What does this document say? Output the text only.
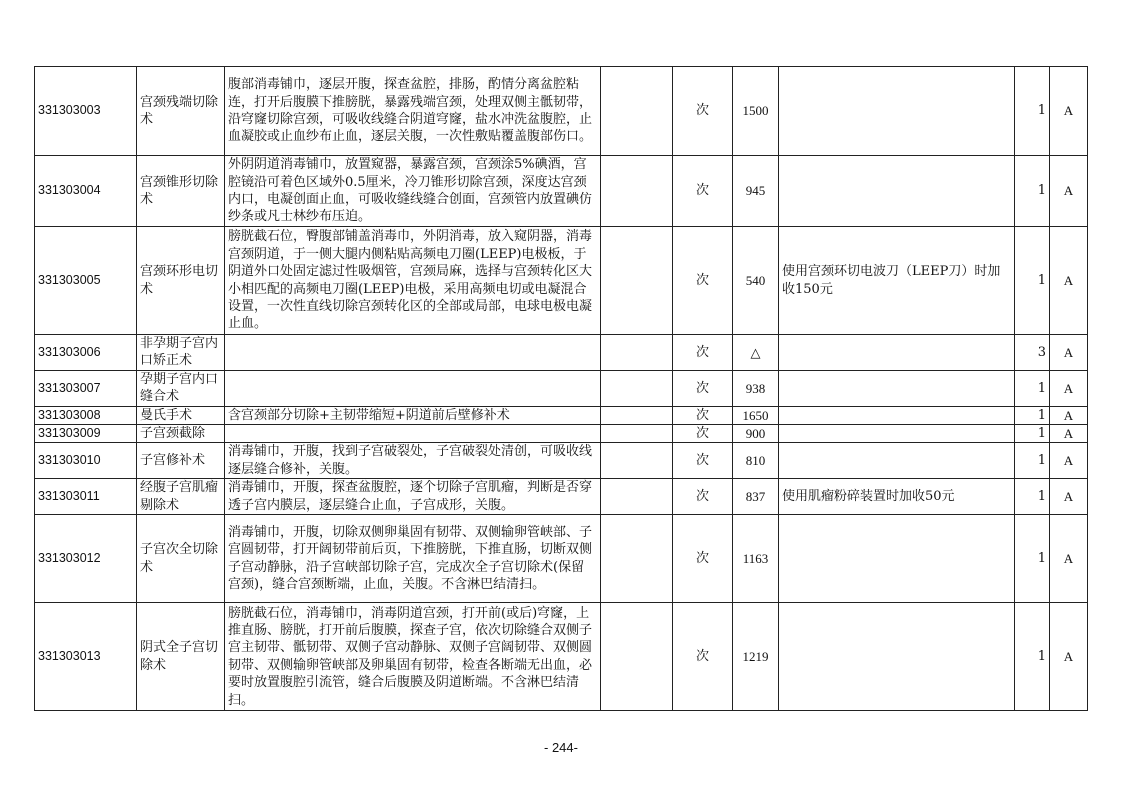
331303003	宫颈残端切除术	腹部消毒铺巾，逐层开腹，探查盆腔，排肠，酌情分离盆腔粘连，打开后腹膜下推膀胱，暴露残端宫颈，处理双侧主骶韧带，沿穹窿切除宫颈，可吸收线缝合阴道穹窿，盐水冲洗盆腹腔，止血凝胶或止血纱布止血，逐层关腹，一次性敷贴覆盖腹部伤口。		次	1500		1	A
331303004	宫颈锥形切除术	外阴阴道消毒铺巾，放置窥器，暴露宫颈，宫颈涂5%碘酒，宫腔镜沿可着色区域外0.5厘米，冷刀锥形切除宫颈，深度达宫颈内口，电凝创面止血，可吸收缝线缝合创面，宫颈管内放置碘仿纱条或凡士林纱布压迫。		次	945		1	A
331303005	宫颈环形电切术	膀胱截石位，臀腹部铺盖消毒巾，外阴消毒，放入窥阴器，消毒宫颈阴道，于一侧大腿内侧粘贴高频电刀圈(LEEP)电极板，于阴道外口处固定滤过性吸烟管，宫颈局麻，选择与宫颈转化区大小相匹配的高频电刀圈(LEEP)电极，采用高频电切或电凝混合设置，一次性直线切除宫颈转化区的全部或局部，电球电极电凝止血。		次	540	使用宫颈环切电波刀（LEEP刀）时加收150元	1	A
331303006	非孕期子宫内口矫正术			次	△		3	A
331303007	孕期子宫内口缝合术			次	938		1	A
331303008	曼氏手术	含宫颈部分切除+主韧带缩短+阴道前后壁修补术		次	1650		1	A
331303009	子宫颈截除			次	900		1	A
331303010	子宫修补术	消毒铺巾，开腹，找到子宫破裂处，子宫破裂处清创，可吸收线逐层缝合修补，关腹。		次	810		1	A
331303011	经腹子宫肌瘤剔除术	消毒铺巾，开腹，探查盆腹腔，逐个切除子宫肌瘤，判断是否穿透子宫内膜层，逐层缝合止血，子宫成形，关腹。		次	837	使用肌瘤粉碎装置时加收50元	1	A
331303012	子宫次全切除术	消毒铺巾，开腹，切除双侧卵巢固有韧带、双侧输卵管峡部、子宫圆韧带，打开阔韧带前后页，下推膀胱，下推直肠，切断双侧子宫动静脉，沿子宫峡部切除子宫，完成次全子宫切除术(保留宫颈)，缝合宫颈断端，止血，关腹。不含淋巴结清扫。		次	1163		1	A
331303013	阴式全子宫切除术	膀胱截石位，消毒铺巾，消毒阴道宫颈，打开前(或后)穹窿，上推直肠、膀胱，打开前后腹膜，探查子宫，依次切除缝合双侧子宫主韧带、骶韧带、双侧子宫动静脉、双侧子宫阔韧带、双侧圆韧带、双侧输卵管峡部及卵巢固有韧带，检查各断端无出血，必要时放置腹腔引流管，缝合后腹膜及阴道断端。不含淋巴结清扫。		次	1219		1	A
- 244-
